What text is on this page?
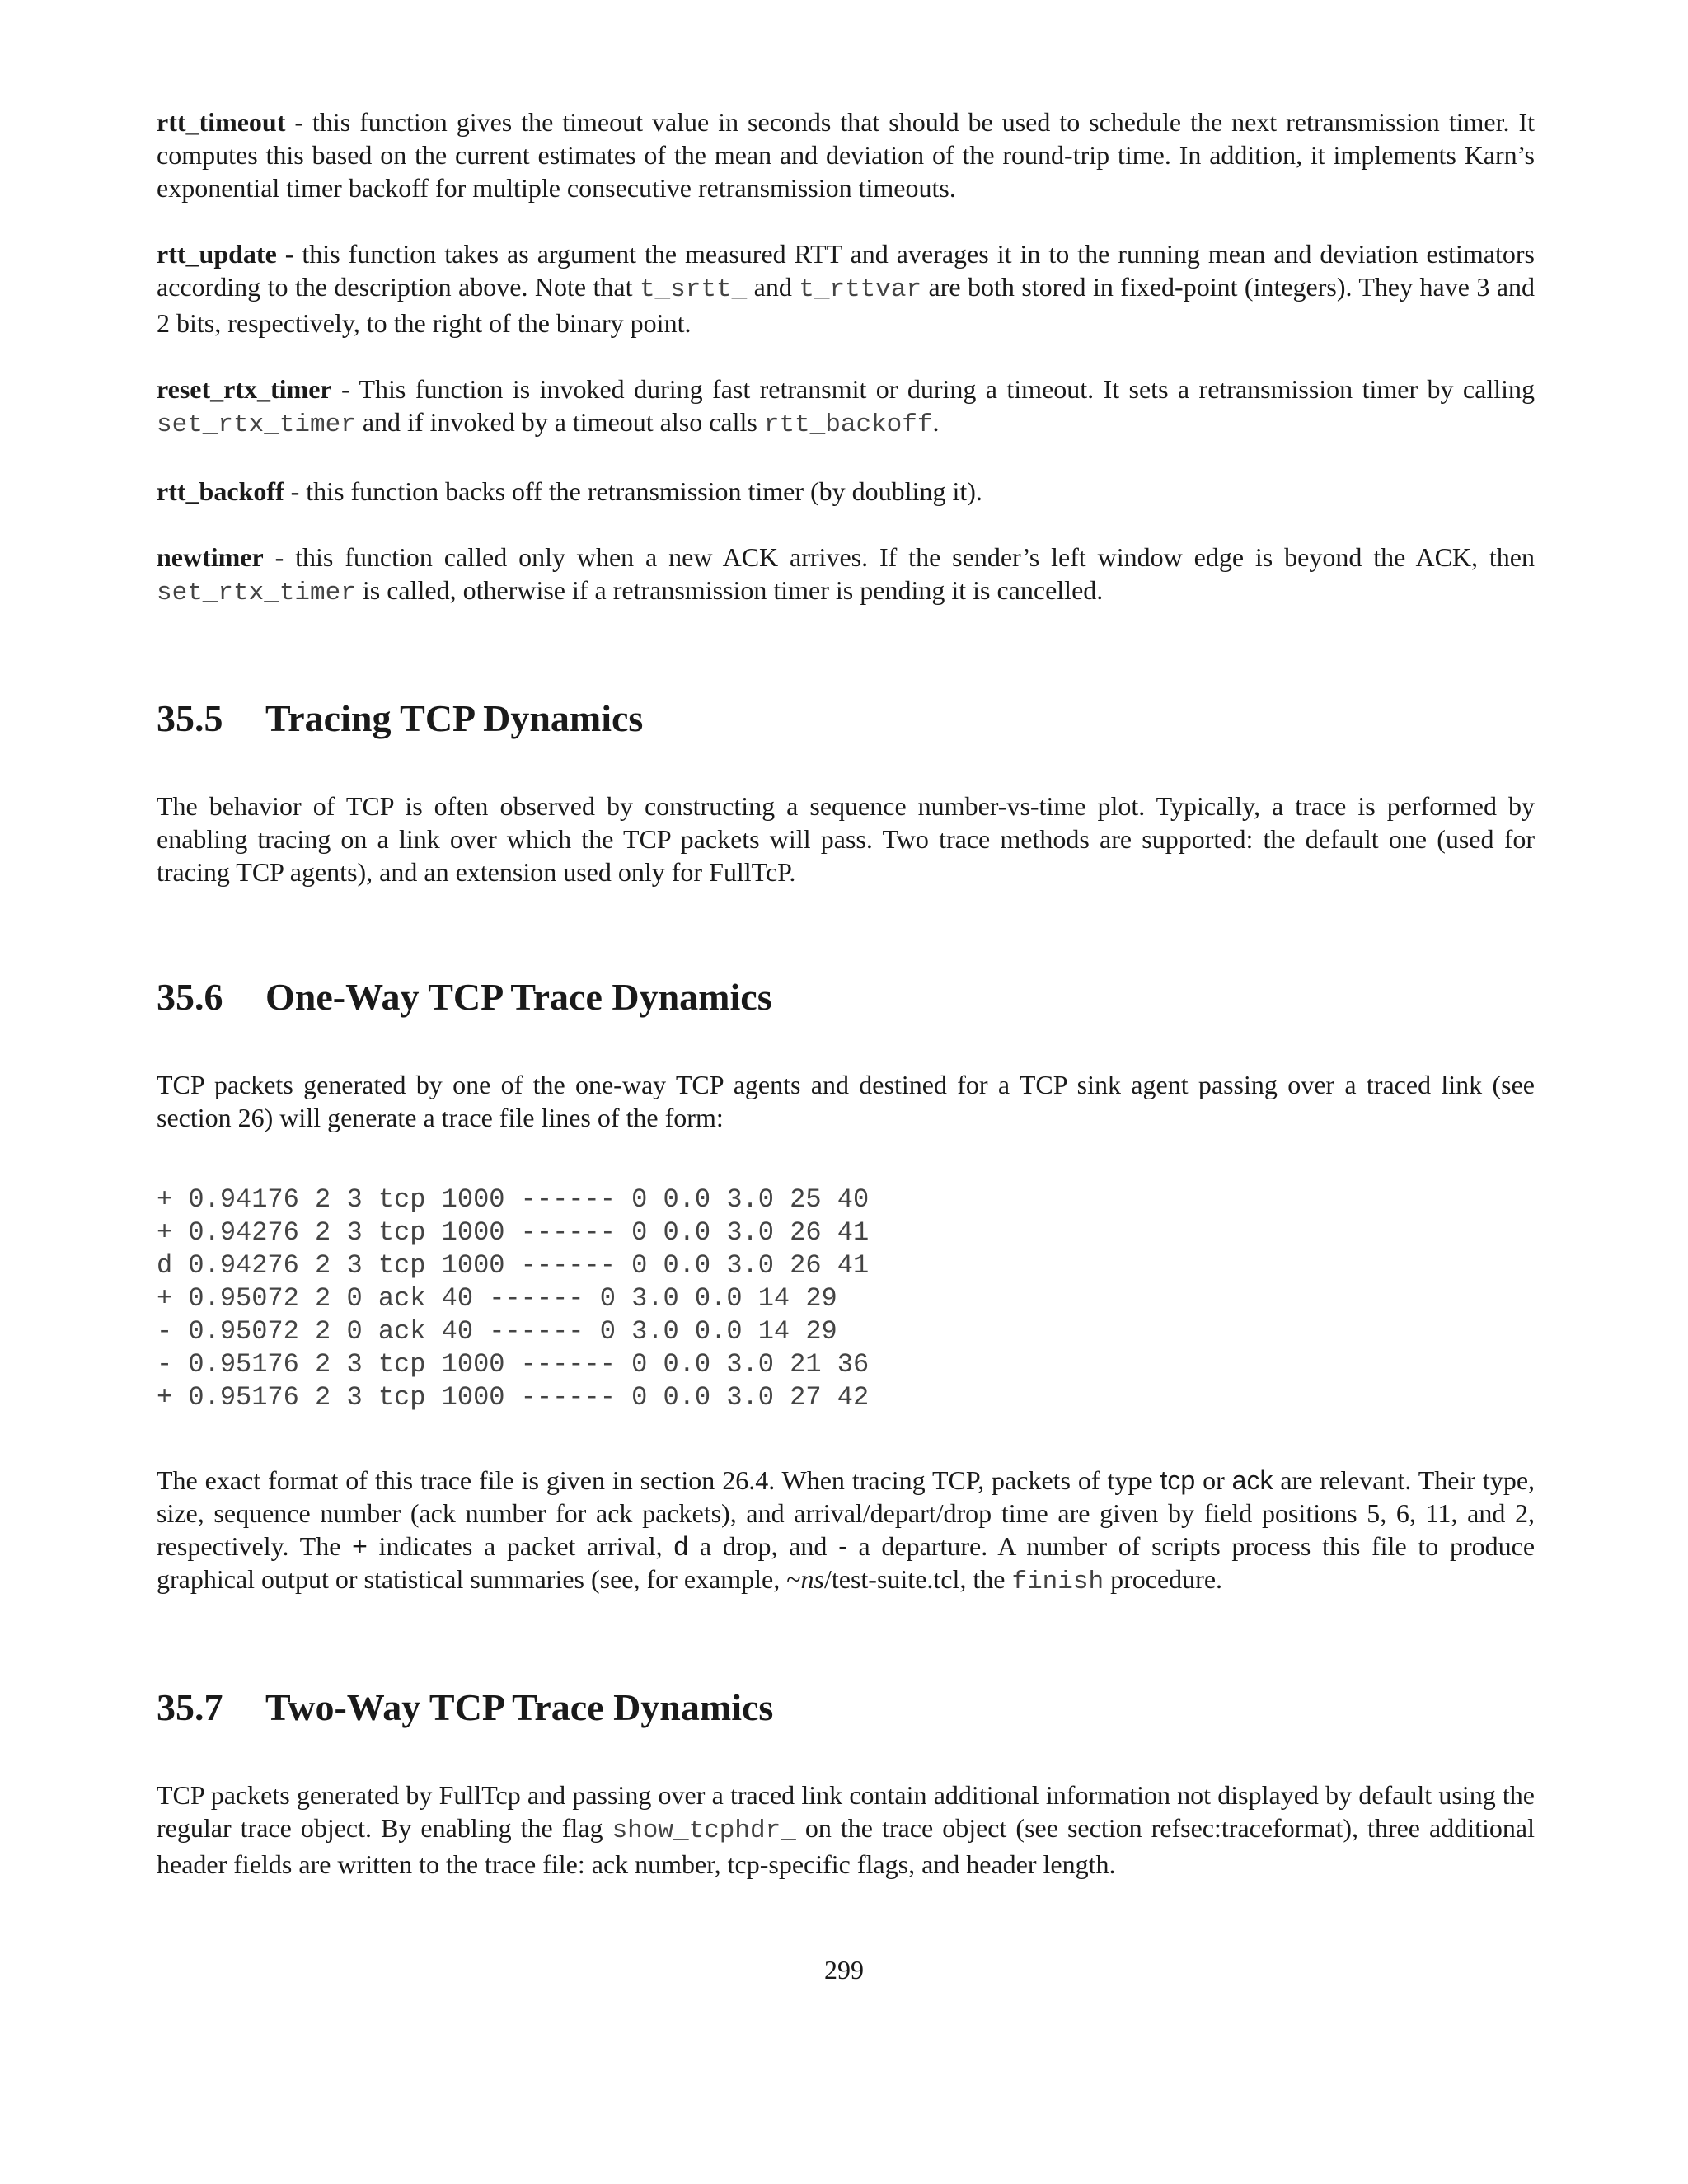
rtt_timeout - this function gives the timeout value in seconds that should be used to schedule the next retransmission timer. It computes this based on the current estimates of the mean and deviation of the round-trip time. In addition, it implements Karn’s exponential timer backoff for multiple consecutive retransmission timeouts.

rtt_update - this function takes as argument the measured RTT and averages it in to the running mean and deviation estimators according to the description above. Note that t_srtt_ and t_rttvar are both stored in fixed-point (integers). They have 3 and 2 bits, respectively, to the right of the binary point.

reset_rtx_timer - This function is invoked during fast retransmit or during a timeout. It sets a retransmission timer by calling set_rtx_timer and if invoked by a timeout also calls rtt_backoff.

rtt_backoff - this function backs off the retransmission timer (by doubling it).

newtimer - this function called only when a new ACK arrives. If the sender’s left window edge is beyond the ACK, then set_rtx_timer is called, otherwise if a retransmission timer is pending it is cancelled.

35.5 Tracing TCP Dynamics

The behavior of TCP is often observed by constructing a sequence number-vs-time plot. Typically, a trace is performed by enabling tracing on a link over which the TCP packets will pass. Two trace methods are supported: the default one (used for tracing TCP agents), and an extension used only for FullTcP.

35.6 One-Way TCP Trace Dynamics

TCP packets generated by one of the one-way TCP agents and destined for a TCP sink agent passing over a traced link (see section 26) will generate a trace file lines of the form:

+ 0.94176 2 3 tcp 1000 ------ 0 0.0 3.0 25 40
+ 0.94276 2 3 tcp 1000 ------ 0 0.0 3.0 26 41
d 0.94276 2 3 tcp 1000 ------ 0 0.0 3.0 26 41
+ 0.95072 2 0 ack 40 ------ 0 3.0 0.0 14 29
- 0.95072 2 0 ack 40 ------ 0 3.0 0.0 14 29
- 0.95176 2 3 tcp 1000 ------ 0 0.0 3.0 21 36
+ 0.95176 2 3 tcp 1000 ------ 0 0.0 3.0 27 42

The exact format of this trace file is given in section 26.4. When tracing TCP, packets of type tcp or ack are relevant. Their type, size, sequence number (ack number for ack packets), and arrival/depart/drop time are given by field positions 5, 6, 11, and 2, respectively. The + indicates a packet arrival, d a drop, and - a departure. A number of scripts process this file to produce graphical output or statistical summaries (see, for example, ~ns/test-suite.tcl, the finish procedure.

35.7 Two-Way TCP Trace Dynamics

TCP packets generated by FullTcp and passing over a traced link contain additional information not displayed by default using the regular trace object. By enabling the flag show_tcphdr_ on the trace object (see section refsec:traceformat), three additional header fields are written to the trace file: ack number, tcp-specific flags, and header length.

299
